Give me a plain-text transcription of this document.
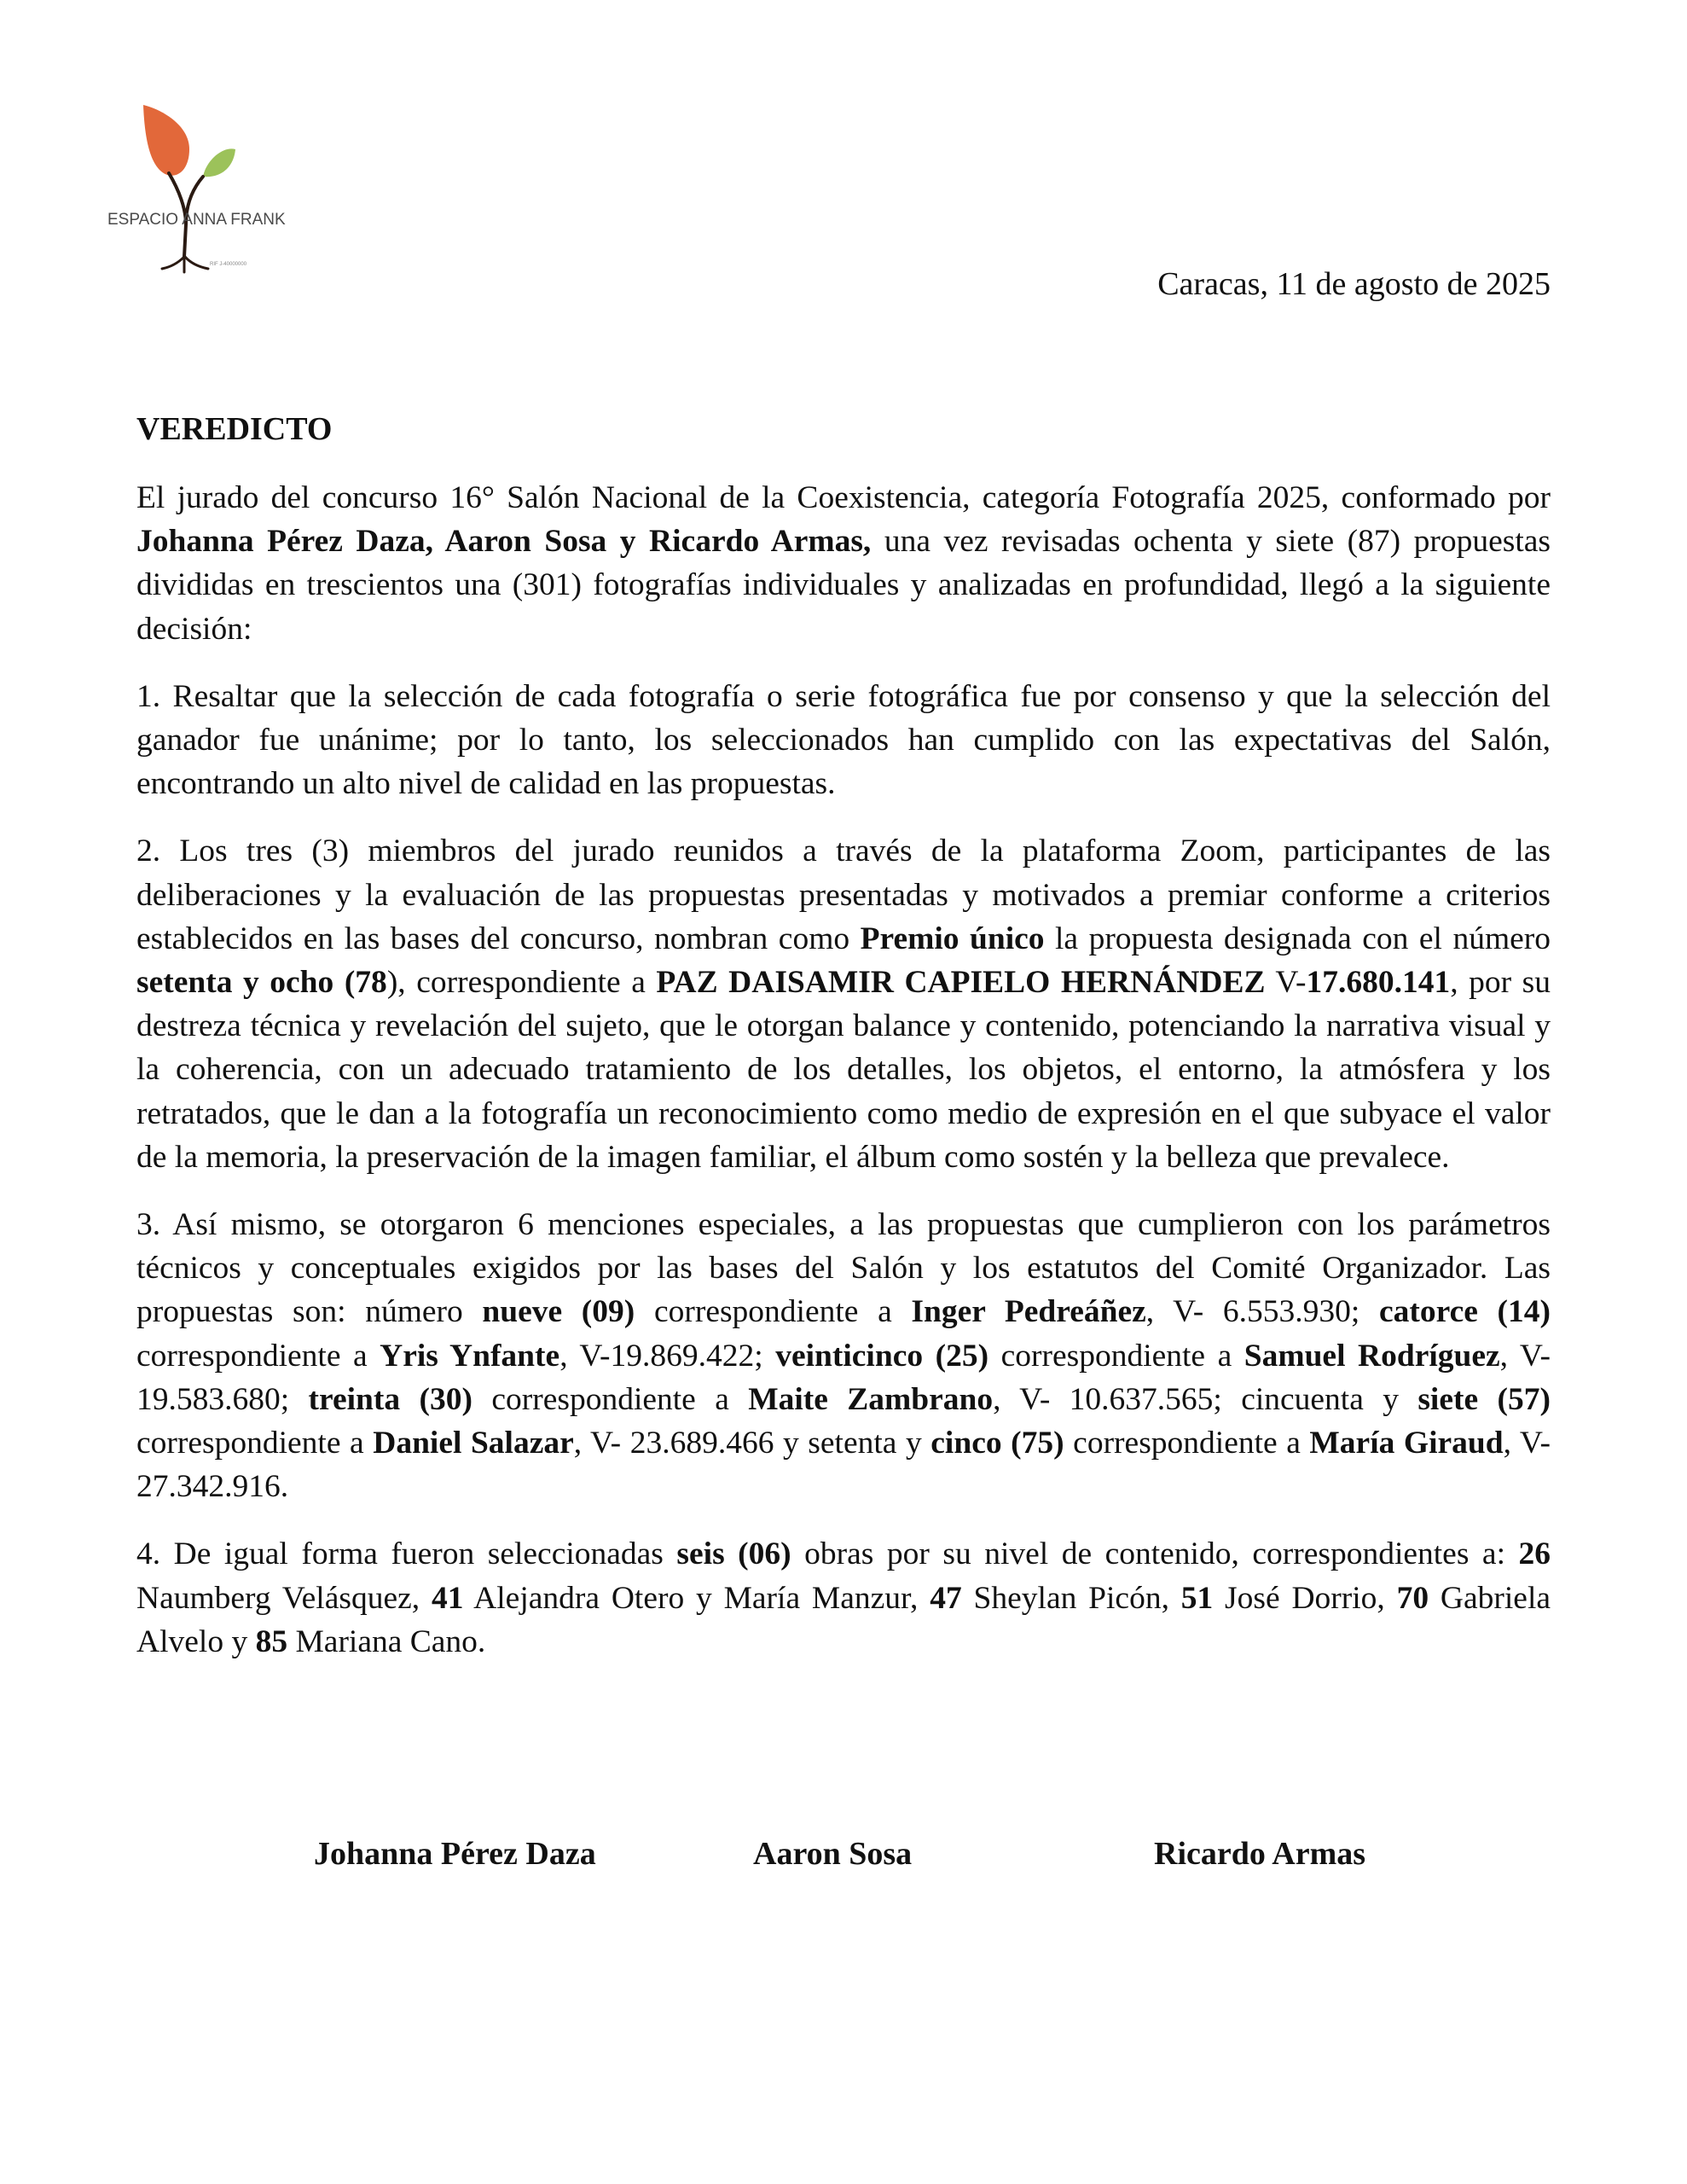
ESPACIO ANNA FRANK
RIF J-40000000
Caracas, 11 de agosto de 2025
VEREDICTO

El jurado del concurso 16° Salón Nacional de la Coexistencia, categoría Fotografía 2025, conformado por Johanna Pérez Daza, Aaron Sosa y Ricardo Armas, una vez revisadas ochenta y siete (87) propuestas divididas en trescientos una (301) fotografías individuales y analizadas en profundidad, llegó a la siguiente decisión:

1. Resaltar que la selección de cada fotografía o serie fotográfica fue por consenso y que la selección del ganador fue unánime; por lo tanto, los seleccionados han cumplido con las expectativas del Salón, encontrando un alto nivel de calidad en las propuestas.

2. Los tres (3) miembros del jurado reunidos a través de la plataforma Zoom, participantes de las deliberaciones y la evaluación de las propuestas presentadas y motivados a premiar conforme a criterios establecidos en las bases del concurso, nombran como Premio único la propuesta designada con el número setenta y ocho (78), correspondiente a PAZ DAISAMIR CAPIELO HERNÁNDEZ V-17.680.141, por su destreza técnica y revelación del sujeto, que le otorgan balance y contenido, potenciando la narrativa visual y la coherencia, con un adecuado tratamiento de los detalles, los objetos, el entorno, la atmósfera y los retratados, que le dan a la fotografía un reconocimiento como medio de expresión en el que subyace el valor de la memoria, la preservación de la imagen familiar, el álbum como sostén y la belleza que prevalece.

3. Así mismo, se otorgaron 6 menciones especiales, a las propuestas que cumplieron con los parámetros técnicos y conceptuales exigidos por las bases del Salón y los estatutos del Comité Organizador. Las propuestas son: número nueve (09) correspondiente a Inger Pedreáñez, V- 6.553.930; catorce (14) correspondiente a Yris Ynfante, V-19.869.422; veinticinco (25) correspondiente a Samuel Rodríguez, V-19.583.680; treinta (30) correspondiente a Maite Zambrano, V- 10.637.565; cincuenta y siete (57) correspondiente a Daniel Salazar, V- 23.689.466 y setenta y cinco (75) correspondiente a María Giraud, V- 27.342.916.

4. De igual forma fueron seleccionadas seis (06) obras por su nivel de contenido, correspondientes a: 26 Naumberg Velásquez, 41 Alejandra Otero y María Manzur, 47 Sheylan Picón, 51 José Dorrio, 70 Gabriela Alvelo y 85 Mariana Cano.

Johanna Pérez Daza	Aaron Sosa	Ricardo Armas
